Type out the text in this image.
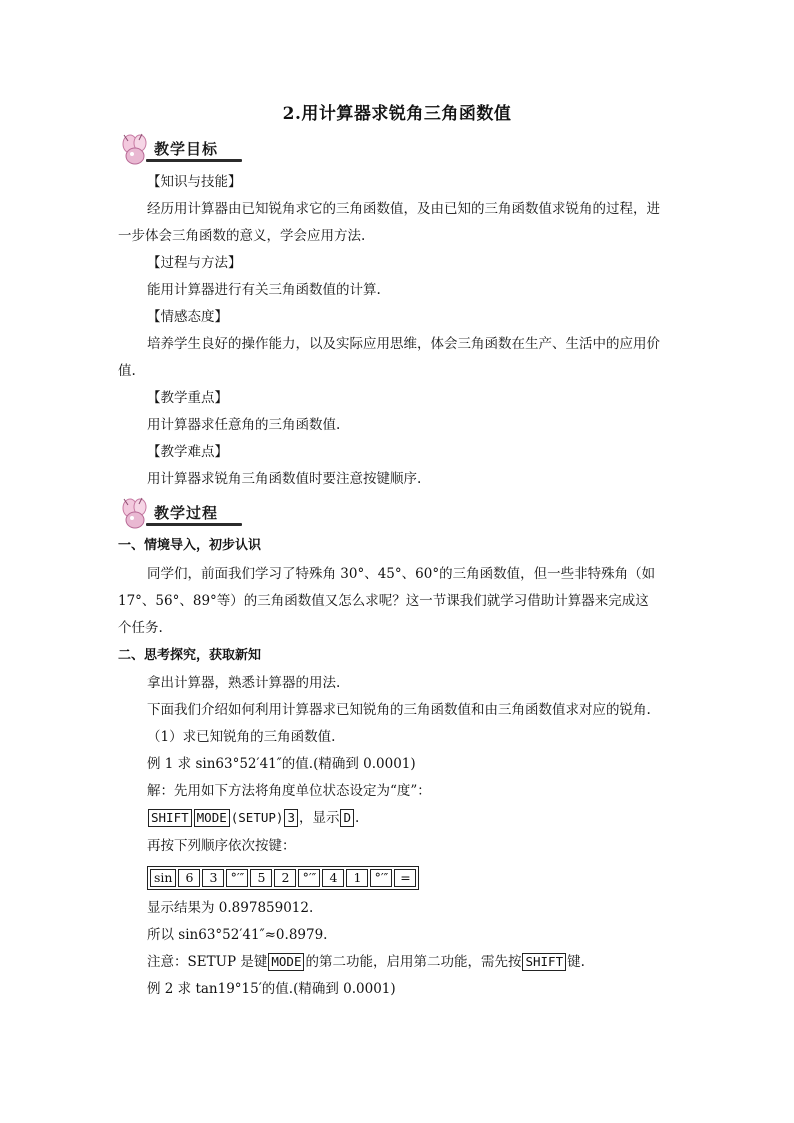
2.用计算器求锐角三角函数值
教学目标
【知识与技能】
经历用计算器由已知锐角求它的三角函数值，及由已知的三角函数值求锐角的过程，进
一步体会三角函数的意义，学会应用方法.
【过程与方法】
能用计算器进行有关三角函数值的计算.
【情感态度】
培养学生良好的操作能力，以及实际应用思维，体会三角函数在生产、生活中的应用价
值.
【教学重点】
用计算器求任意角的三角函数值.
【教学难点】
用计算器求锐角三角函数值时要注意按键顺序.
教学过程
一、情境导入，初步认识
同学们，前面我们学习了特殊角 30°、45°、60°的三角函数值，但一些非特殊角（如
17°、56°、89°等）的三角函数值又怎么求呢？这一节课我们就学习借助计算器来完成这
个任务.
二、思考探究，获取新知
拿出计算器，熟悉计算器的用法.
下面我们介绍如何利用计算器求已知锐角的三角函数值和由三角函数值求对应的锐角.
（1）求已知锐角的三角函数值.
例 1 求 sin63°52′41″的值.(精确到 0.0001)
解：先用如下方法将角度单位状态设定为“度”：
SHIFT MODE (SETUP) 3 ，显示 D .
再按下列顺序依次按键：
sin	6	3	°′″	5	2	°′″	4	1	°′″ =
显示结果为 0.897859012.
所以 sin63°52′41″≈0.8979.
注意：SETUP 是键 MODE 的第二功能，启用第二功能，需先按 SHIFT 键.
例 2 求 tan19°15′的值.(精确到 0.0001)
